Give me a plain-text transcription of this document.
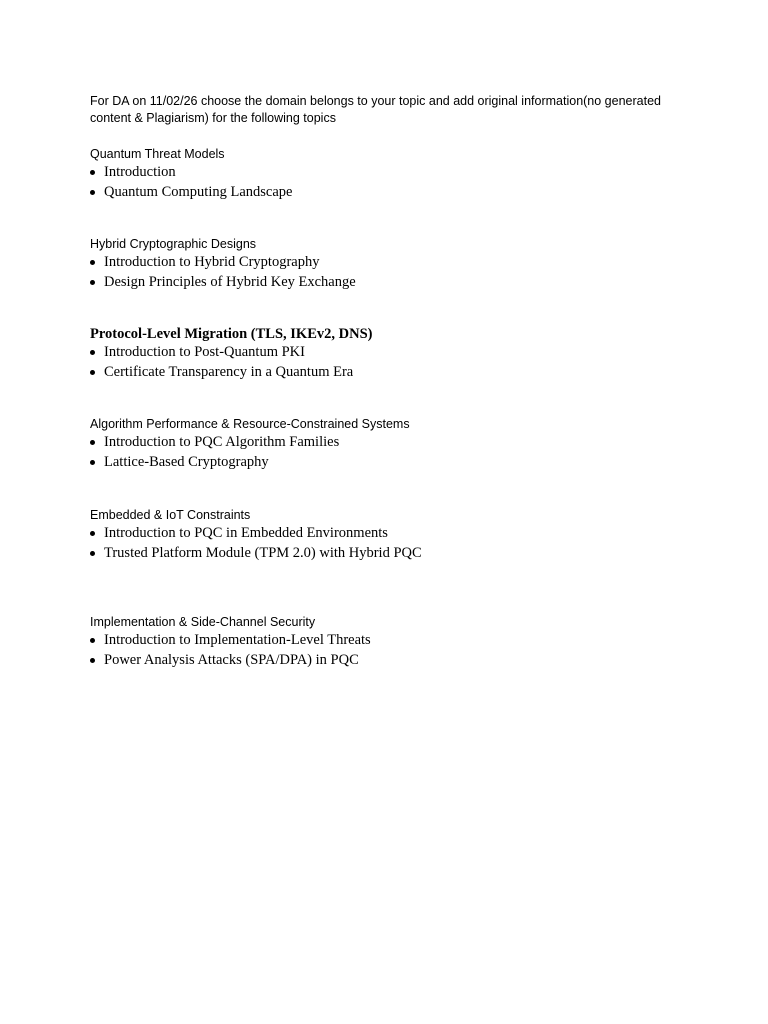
For DA on 11/02/26 choose the domain belongs to your topic and add original information(no generated content & Plagiarism) for the following topics

Quantum Threat Models

Introduction
Quantum Computing Landscape

Hybrid Cryptographic Designs

Introduction to Hybrid Cryptography
Design Principles of Hybrid Key Exchange

Protocol-Level Migration (TLS, IKEv2, DNS)

Introduction to Post-Quantum PKI
Certificate Transparency in a Quantum Era

Algorithm Performance & Resource-Constrained Systems

Introduction to PQC Algorithm Families
Lattice-Based Cryptography

Embedded & IoT Constraints

Introduction to PQC in Embedded Environments
Trusted Platform Module (TPM 2.0) with Hybrid PQC

Implementation & Side-Channel Security

Introduction to Implementation-Level Threats
Power Analysis Attacks (SPA/DPA) in PQC
